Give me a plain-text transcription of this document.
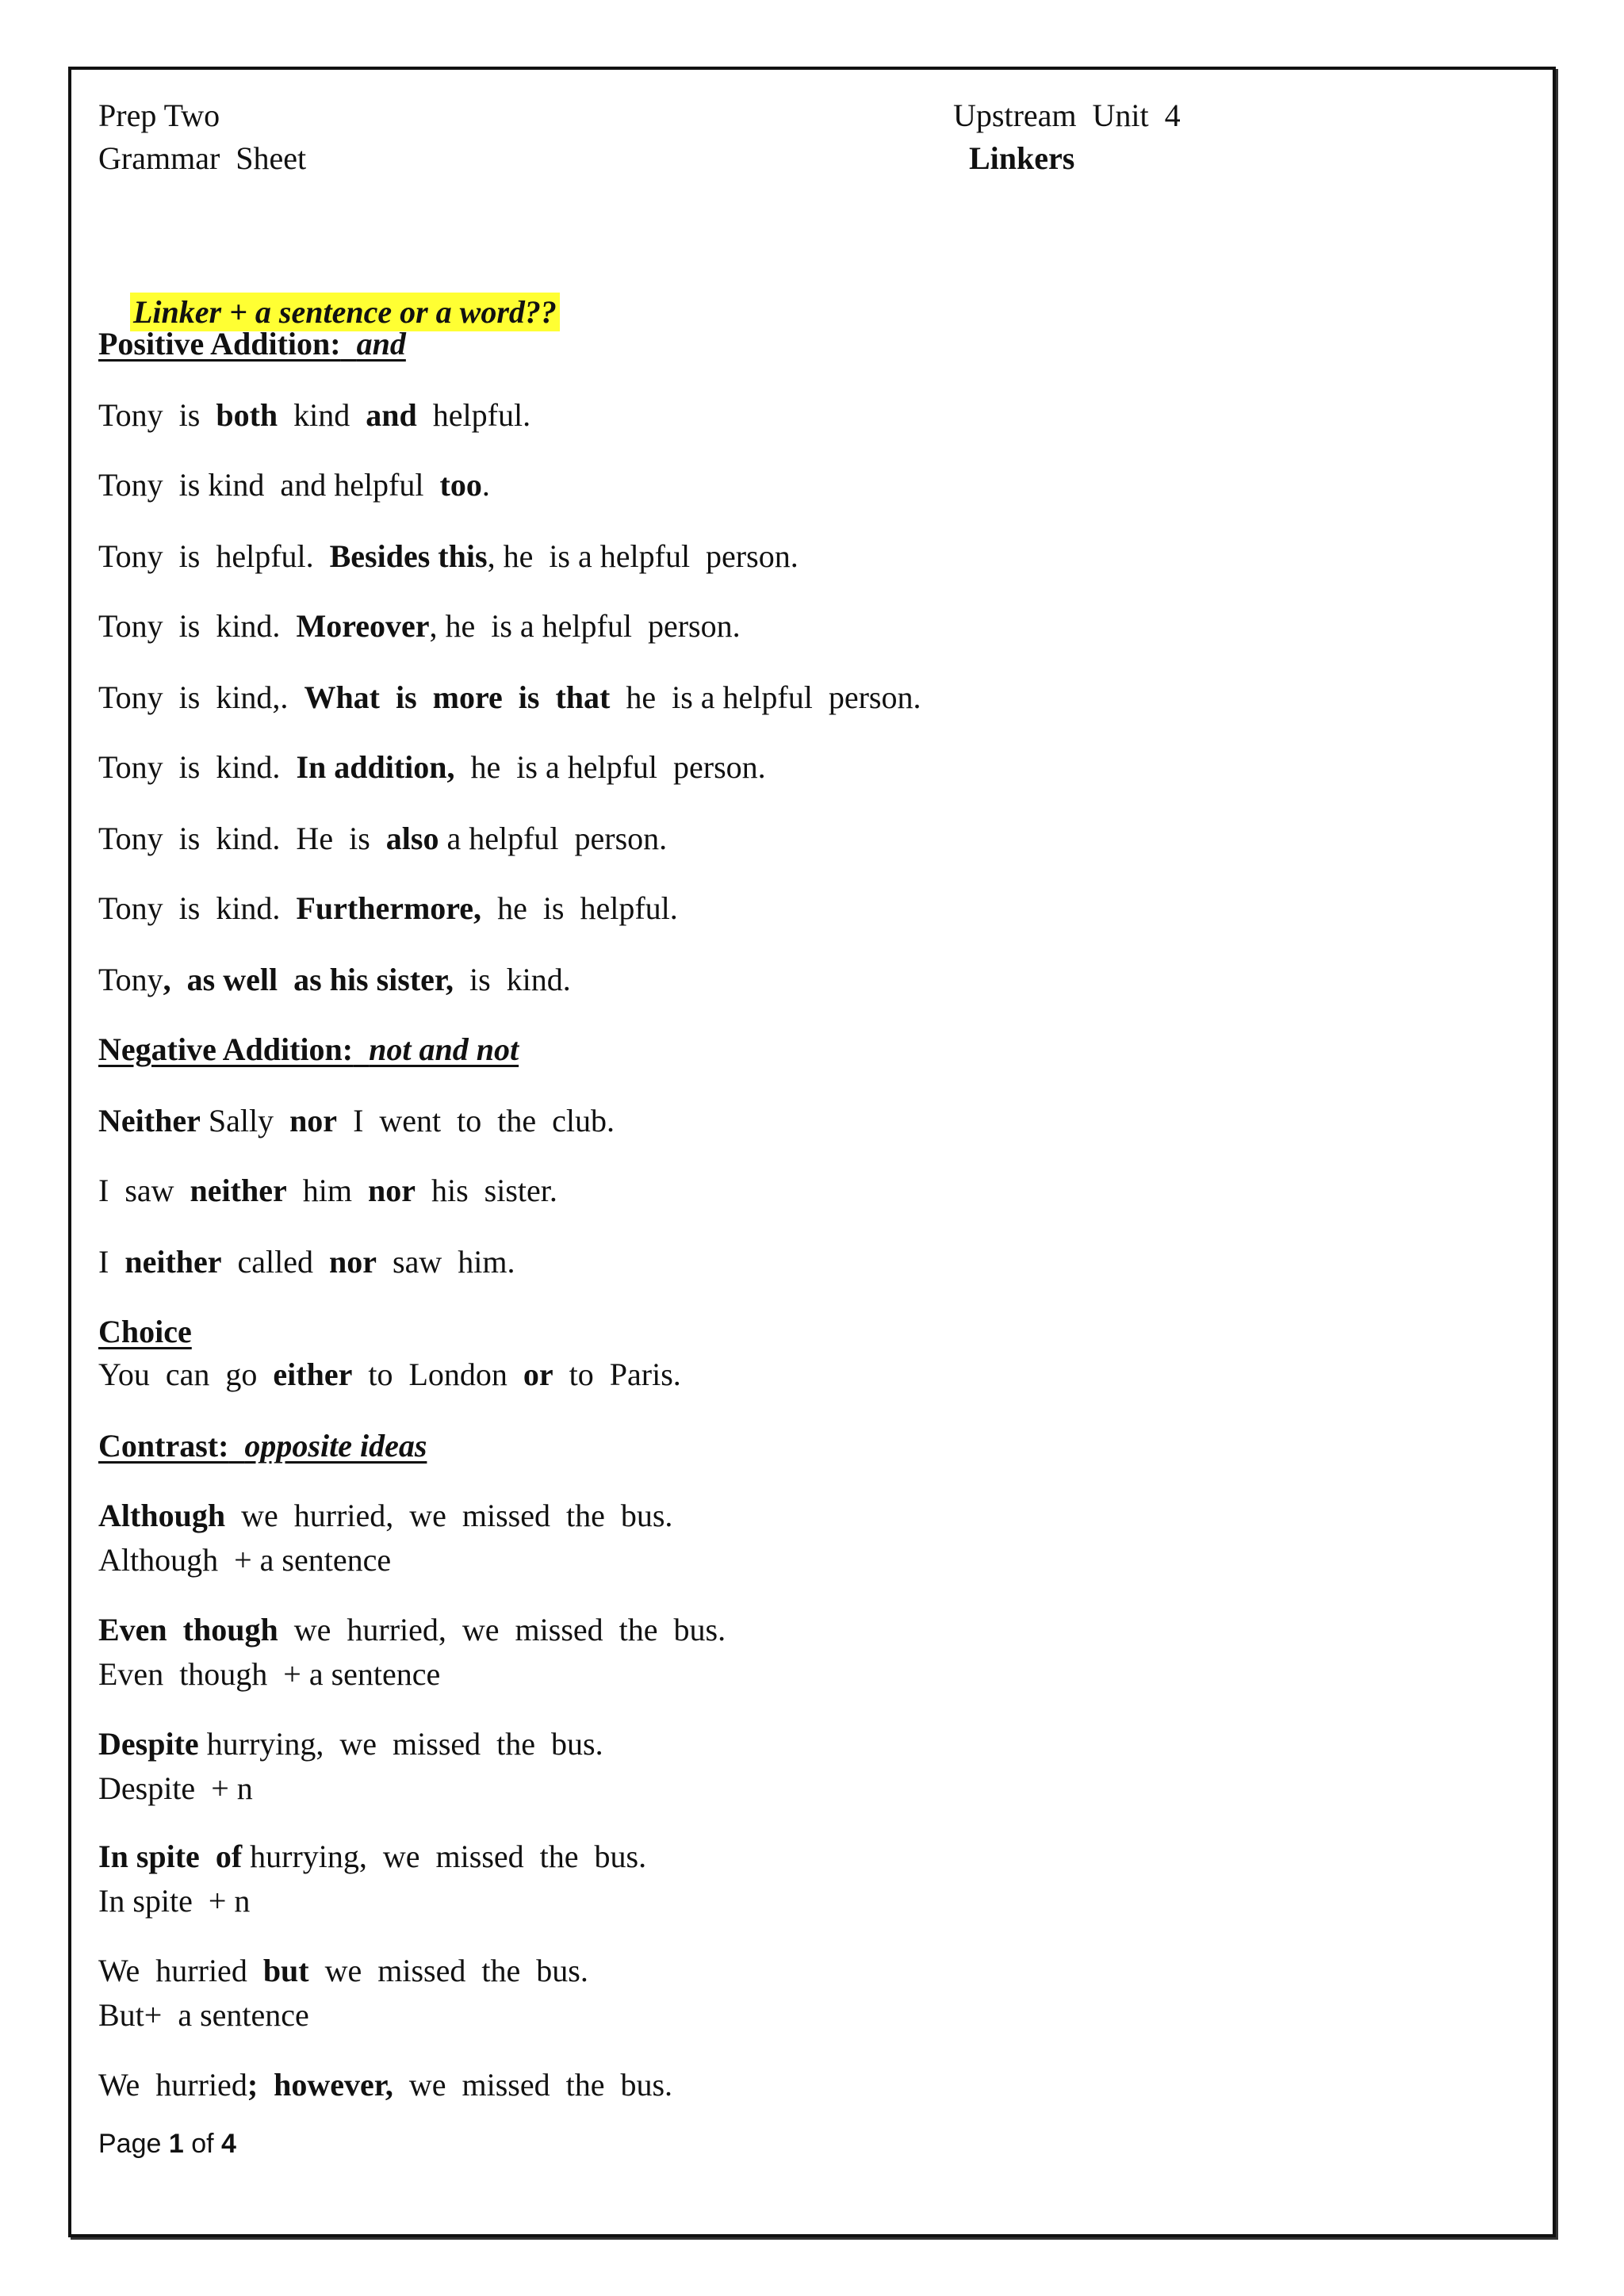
Prep Two
Grammar  Sheet
Upstream  Unit  4
Linkers

Linker + a sentence or a word??

Positive Addition: and
Tony  is  both  kind  and  helpful.
Tony  is kind  and helpful  too.
Tony  is  helpful.  Besides this, he  is a helpful  person.
Tony  is  kind.  Moreover, he  is a helpful  person.
Tony  is  kind,.  What  is  more  is  that  he  is a helpful  person.
Tony  is  kind.  In addition,  he  is a helpful  person.
Tony  is  kind.  He  is  also a helpful  person.
Tony  is  kind.  Furthermore,  he  is  helpful.
Tony,  as well  as his sister,  is  kind.
Negative Addition: not and not
Neither Sally  nor  I  went  to  the  club.
I  saw  neither  him  nor  his  sister.
I  neither  called  nor  saw  him.
Choice
You  can  go  either  to  London  or  to  Paris.
Contrast: opposite ideas
Although  we  hurried,  we  missed  the  bus.
Although  + a sentence
Even  though  we  hurried,  we  missed  the  bus.
Even  though  + a sentence
Despite hurrying,  we  missed  the  bus.
Despite  + n
In spite  of hurrying,  we  missed  the  bus.
In spite  + n
We  hurried  but  we  missed  the  bus.
But+  a sentence
We  hurried;  however,  we  missed  the  bus.
Page 1 of 4
